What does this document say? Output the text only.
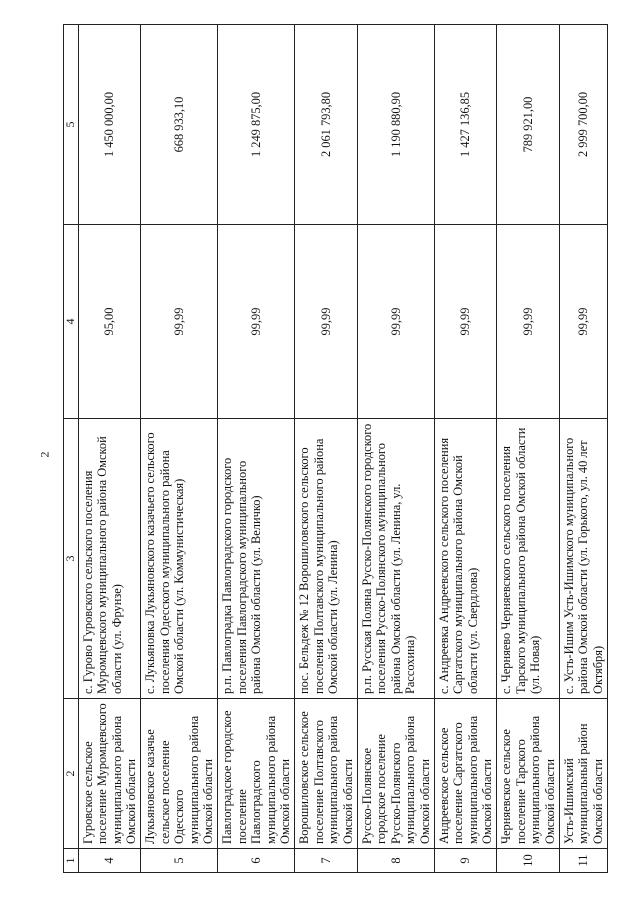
2
1	2	3	4	5
4	Гуровское сельское поселение Муромцевского муниципального района Омской области	с. Гурово Гуровского сельского поселения Муромцевского муниципального района Омской области (ул. Фрунзе)	95,00	1 450 000,00
5	Лукьяновское казачье сельское поселение Одесского муниципального района Омской области	с. Лукьяновка Лукьяновского казачьего сельского поселения Одесского муниципального района Омской области (ул. Коммунистическая)	99,99	668 933,10
6	Павлоградское городское поселение Павлоградского муниципального района Омской области	р.п. Павлоградка Павлоградского городского поселения Павлоградского муниципального района Омской области (ул. Величко)	99,99	1 249 875,00
7	Ворошиловское сельское поселение Полтавского муниципального района Омской области	пос. Бельдеж № 12 Ворошиловского сельского поселения Полтавского муниципального района Омской области (ул. Ленина)	99,99	2 061 793,80
8	Русско-Полянское городское поселение Русско-Полянского муниципального района Омской области	р.п. Русская Поляна Русско-Полянского городского поселения Русско-Полянского муниципального района Омской области (ул. Ленина, ул. Рассохина)	99,99	1 190 880,90
9	Андреевское сельское поселение Саргатского муниципального района Омской области	с. Андреевка Андреевского сельского поселения Саргатского муниципального района Омской области (ул. Свердлова)	99,99	1 427 136,85
10	Черняевское сельское поселение Тарского муниципального района Омской области	с. Черняево Черняевского сельского поселения Тарского муниципального района Омской области (ул. Новая)	99,99	789 921,00
11	Усть-Ишимский муниципальный район Омской области	с. Усть-Ишим Усть-Ишимского муниципального района Омской области (ул. Горького, ул. 40 лет Октября)	99,99	2 999 700,00
